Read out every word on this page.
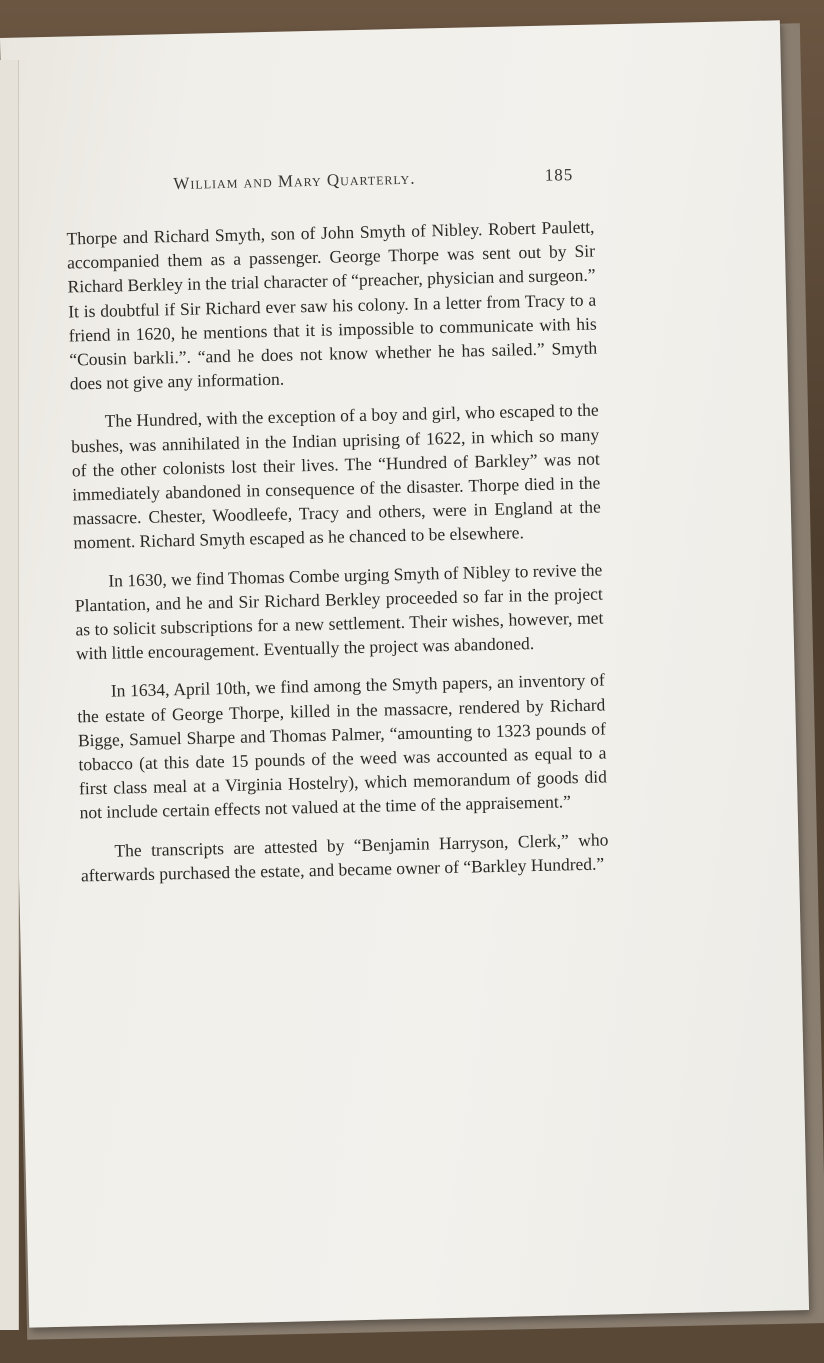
William and Mary Quarterly.	185

Thorpe and Richard Smyth, son of John Smyth of Nibley. Robert Paulett, accompanied them as a passenger. George Thorpe was sent out by Sir Richard Berkley in the trial character of “preacher, physician and surgeon.” It is doubtful if Sir Richard ever saw his colony. In a letter from Tracy to a friend in 1620, he mentions that it is impossible to communicate with his “Cousin barkli.”. “and he does not know whether he has sailed.” Smyth does not give any information.

The Hundred, with the exception of a boy and girl, who escaped to the bushes, was annihilated in the Indian uprising of 1622, in which so many of the other colonists lost their lives. The “Hundred of Barkley” was not immediately abandoned in consequence of the disaster. Thorpe died in the massacre. Chester, Woodleefe, Tracy and others, were in England at the moment. Richard Smyth escaped as he chanced to be elsewhere.

In 1630, we find Thomas Combe urging Smyth of Nibley to revive the Plantation, and he and Sir Richard Berkley proceeded so far in the project as to solicit subscriptions for a new settlement. Their wishes, however, met with little encouragement. Eventually the project was abandoned.

In 1634, April 10th, we find among the Smyth papers, an inventory of the estate of George Thorpe, killed in the massacre, rendered by Richard Bigge, Samuel Sharpe and Thomas Palmer, “amounting to 1323 pounds of tobacco (at this date 15 pounds of the weed was accounted as equal to a first class meal at a Virginia Hostelry), which memorandum of goods did not include certain effects not valued at the time of the appraisement.”

The transcripts are attested by “Benjamin Harryson, Clerk,” who afterwards purchased the estate, and became owner of “Barkley Hundred.”
